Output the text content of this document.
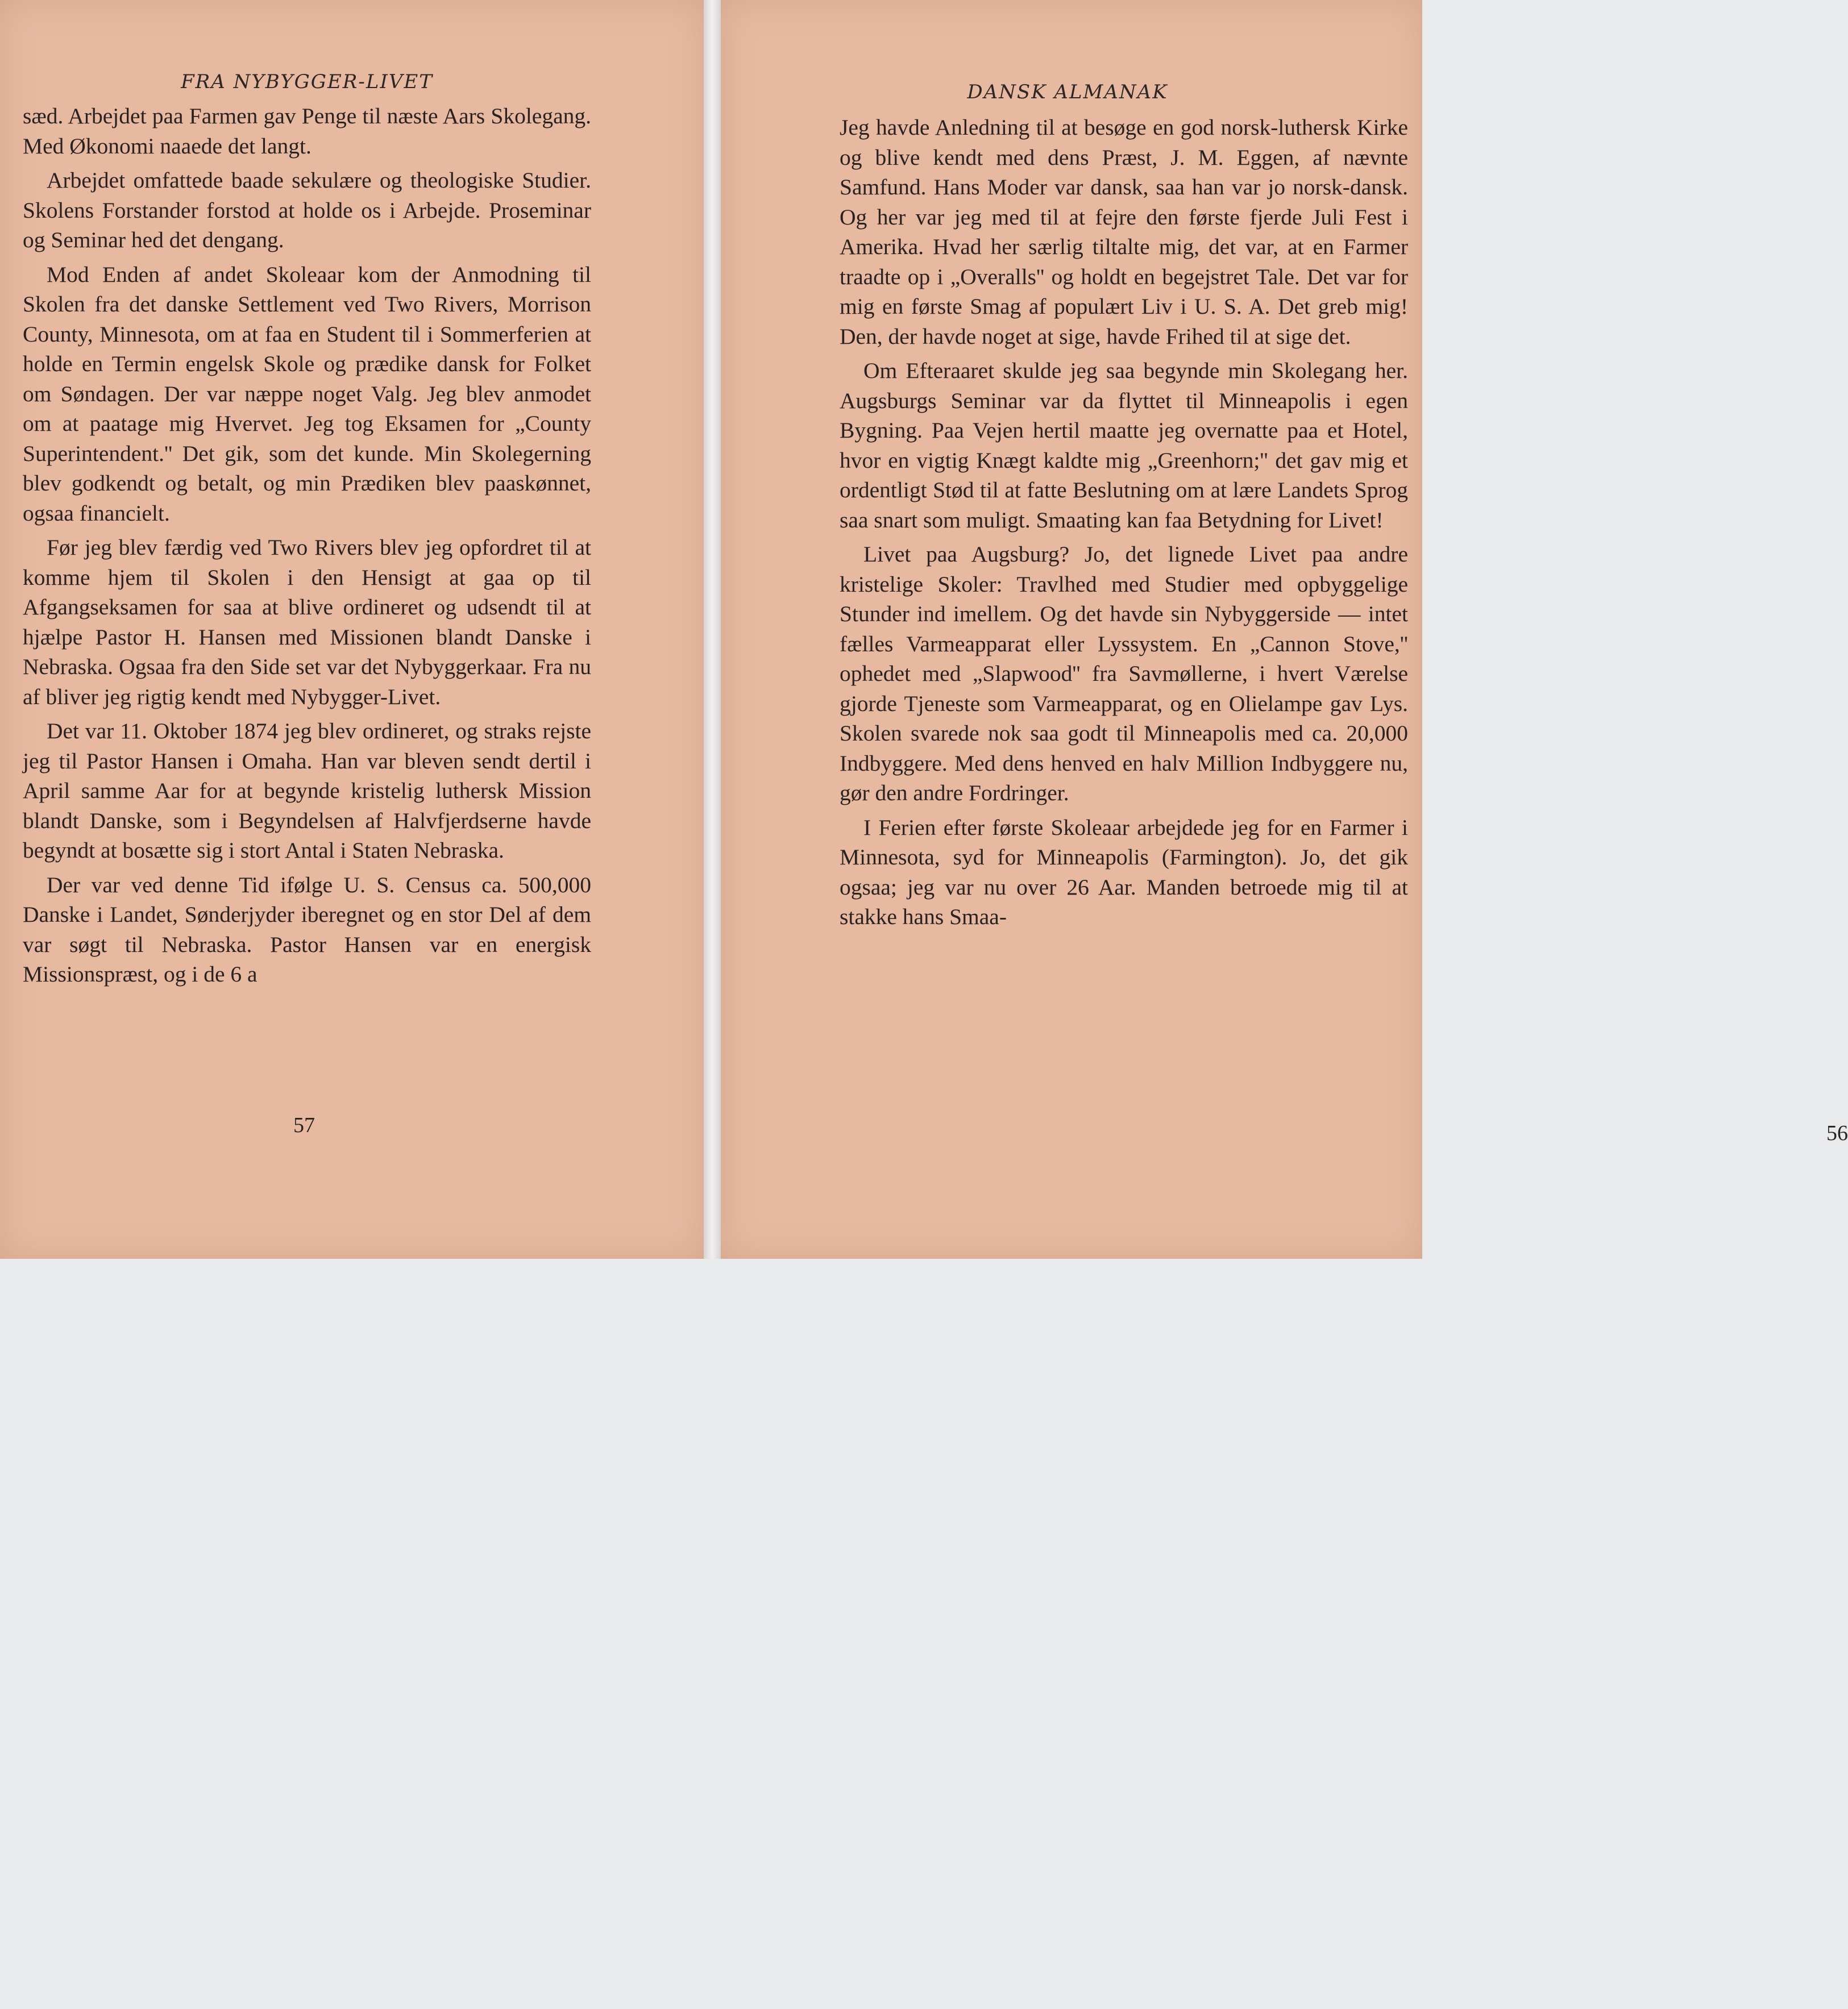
FRA NYBYGGER-LIVET

sæd. Arbejdet paa Farmen gav Penge til næste Aars Skolegang. Med Økonomi naaede det langt.

Arbejdet omfattede baade sekulære og theologiske Studier. Skolens Forstander forstod at holde os i Arbejde. Proseminar og Seminar hed det dengang.

Mod Enden af andet Skoleaar kom der Anmodning til Skolen fra det danske Settlement ved Two Rivers, Morrison County, Minnesota, om at faa en Student til i Sommerferien at holde en Termin engelsk Skole og prædike dansk for Folket om Søndagen. Der var næppe noget Valg. Jeg blev anmodet om at paatage mig Hvervet. Jeg tog Eksamen for „County Superintendent.'' Det gik, som det kunde. Min Skolegerning blev godkendt og betalt, og min Prædiken blev paaskønnet, ogsaa financielt.

Før jeg blev færdig ved Two Rivers blev jeg opfordret til at komme hjem til Skolen i den Hensigt at gaa op til Afgangseksamen for saa at blive ordineret og udsendt til at hjælpe Pastor H. Hansen med Missionen blandt Danske i Nebraska. Ogsaa fra den Side set var det Nybyggerkaar. Fra nu af bliver jeg rigtig kendt med Nybygger-Livet.

Det var 11. Oktober 1874 jeg blev ordineret, og straks rejste jeg til Pastor Hansen i Omaha. Han var bleven sendt dertil i April samme Aar for at begynde kristelig luthersk Mission blandt Danske, som i Begyndelsen af Halvfjerdserne havde begyndt at bosætte sig i stort Antal i Staten Nebraska.

Der var ved denne Tid ifølge U. S. Census ca. 500,000 Danske i Landet, Sønderjyder iberegnet og en stor Del af dem var søgt til Nebraska. Pastor Hansen var en energisk Missionspræst, og i de 6 a

57
DANSK ALMANAK

Jeg havde Anledning til at besøge en god norsk-luthersk Kirke og blive kendt med dens Præst, J. M. Eggen, af nævnte Samfund. Hans Moder var dansk, saa han var jo norsk-dansk. Og her var jeg med til at fejre den første fjerde Juli Fest i Amerika. Hvad her særlig tiltalte mig, det var, at en Farmer traadte op i „Overalls'' og holdt en begejstret Tale. Det var for mig en første Smag af populært Liv i U. S. A. Det greb mig! Den, der havde noget at sige, havde Frihed til at sige det.

Om Efteraaret skulde jeg saa begynde min Skolegang her. Augsburgs Seminar var da flyttet til Minneapolis i egen Bygning. Paa Vejen hertil maatte jeg overnatte paa et Hotel, hvor en vigtig Knægt kaldte mig „Greenhorn;'' det gav mig et ordentligt Stød til at fatte Beslutning om at lære Landets Sprog saa snart som muligt. Smaating kan faa Betydning for Livet!

Livet paa Augsburg? Jo, det lignede Livet paa andre kristelige Skoler: Travlhed med Studier med opbyggelige Stunder ind imellem. Og det havde sin Nybyggerside — intet fælles Varmeapparat eller Lyssystem. En „Cannon Stove,'' ophedet med „Slapwood'' fra Savmøllerne, i hvert Værelse gjorde Tjeneste som Varmeapparat, og en Olielampe gav Lys. Skolen svarede nok saa godt til Minneapolis med ca. 20,000 Indbyggere. Med dens henved en halv Million Indbyggere nu, gør den andre Fordringer.

I Ferien efter første Skoleaar arbejdede jeg for en Farmer i Minnesota, syd for Minneapolis (Farmington). Jo, det gik ogsaa; jeg var nu over 26 Aar. Manden betroede mig til at stakke hans Smaa-

56
